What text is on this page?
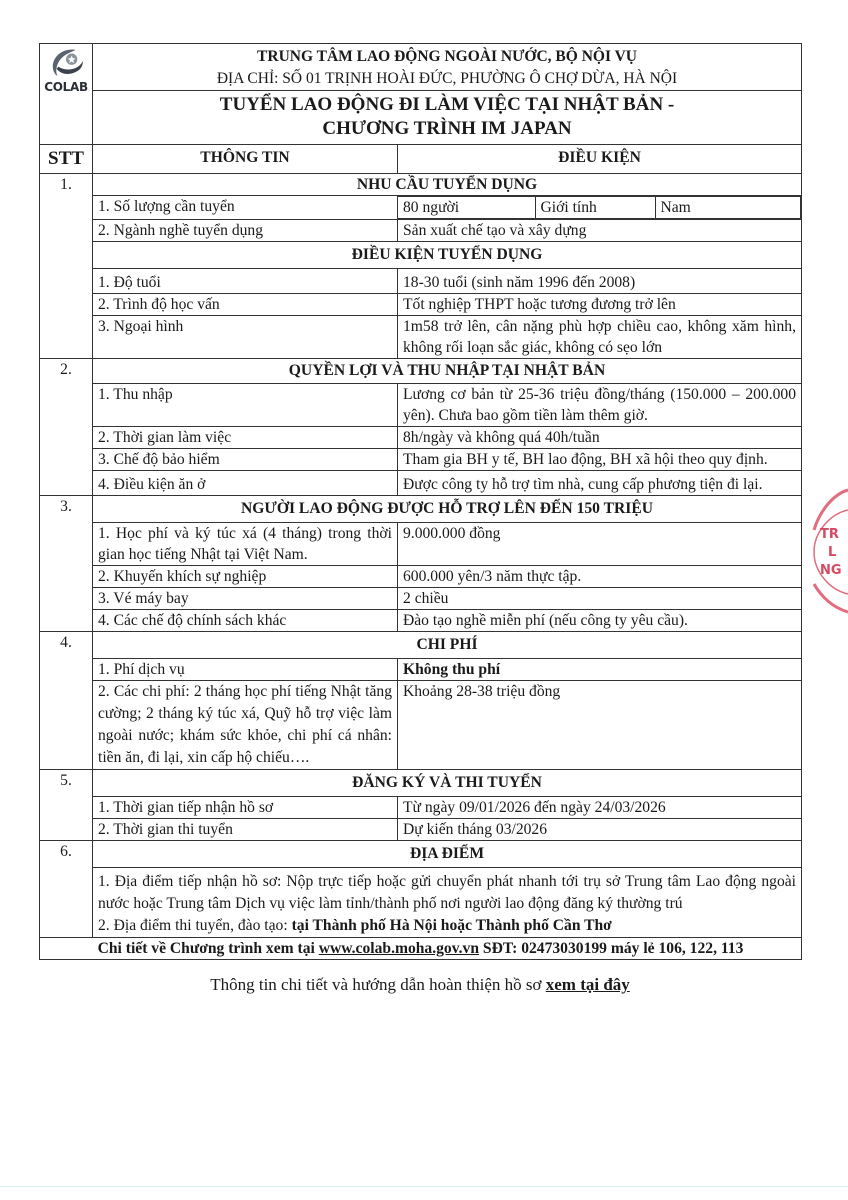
COLAB

TRUNG TÂM LAO ĐỘNG NGOÀI NƯỚC, BỘ NỘI VỤ
ĐỊA CHỈ: SỐ 01 TRỊNH HOÀI ĐỨC, PHƯỜNG Ô CHỢ DỪA, HÀ NỘI

TUYỂN LAO ĐỘNG ĐI LÀM VIỆC TẠI NHẬT BẢN -
CHƯƠNG TRÌNH IM JAPAN

STT	THÔNG TIN	ĐIỀU KIỆN
1.	NHU CẦU TUYỂN DỤNG
1. Số lượng cần tuyển		80 người	Giới tính	Nam

2. Ngành nghề tuyển dụng	Sản xuất chế tạo và xây dựng
ĐIỀU KIỆN TUYỂN DỤNG
1. Độ tuổi	18-30 tuổi (sinh năm 1996 đến 2008)
2. Trình độ học vấn	Tốt nghiệp THPT hoặc tương đương trở lên
3. Ngoại hình	1m58 trở lên, cân nặng phù hợp chiều cao, không xăm hình, không rối loạn sắc giác, không có sẹo lớn
2.	QUYỀN LỢI VÀ THU NHẬP TẠI NHẬT BẢN
1. Thu nhập	Lương cơ bản từ 25-36 triệu đồng/tháng (150.000 – 200.000 yên). Chưa bao gồm tiền làm thêm giờ.
2. Thời gian làm việc	8h/ngày và không quá 40h/tuần
3. Chế độ bảo hiểm	Tham gia BH y tế, BH lao động, BH xã hội theo quy định.
4. Điều kiện ăn ở	Được công ty hỗ trợ tìm nhà, cung cấp phương tiện đi lại.
3.	NGƯỜI LAO ĐỘNG ĐƯỢC HỖ TRỢ LÊN ĐẾN 150 TRIỆU
1. Học phí và ký túc xá (4 tháng) trong thời gian học tiếng Nhật tại Việt Nam.	9.000.000 đồng
2. Khuyến khích sự nghiệp	600.000 yên/3 năm thực tập.
3. Vé máy bay	2 chiều
4. Các chế độ chính sách khác	Đào tạo nghề miễn phí (nếu công ty yêu cầu).
4.	CHI PHÍ
1. Phí dịch vụ	Không thu phí
2. Các chi phí: 2 tháng học phí tiếng Nhật tăng cường; 2 tháng ký túc xá, Quỹ hỗ trợ việc làm ngoài nước; khám sức khỏe, chi phí cá nhân: tiền ăn, đi lại, xin cấp hộ chiếu….	Khoảng 28-38 triệu đồng
5.	ĐĂNG KÝ VÀ THI TUYỂN
1. Thời gian tiếp nhận hồ sơ	Từ ngày 09/01/2026 đến ngày 24/03/2026
2. Thời gian thi tuyển	Dự kiến tháng 03/2026
6.	ĐỊA ĐIỂM

1. Địa điểm tiếp nhận hồ sơ: Nộp trực tiếp hoặc gửi chuyển phát nhanh tới trụ sở Trung tâm Lao động ngoài nước hoặc Trung tâm Dịch vụ việc làm tỉnh/thành phố nơi người lao động đăng ký thường trú
2. Địa điểm thi tuyển, đào tạo: tại Thành phố Hà Nội hoặc Thành phố Cần Thơ

Chi tiết về Chương trình xem tại www.colab.moha.gov.vn SĐT: 02473030199 máy lẻ 106, 122, 113
Thông tin chi tiết và hướng dẫn hoàn thiện hồ sơ xem tại đây
TR
L
NG
